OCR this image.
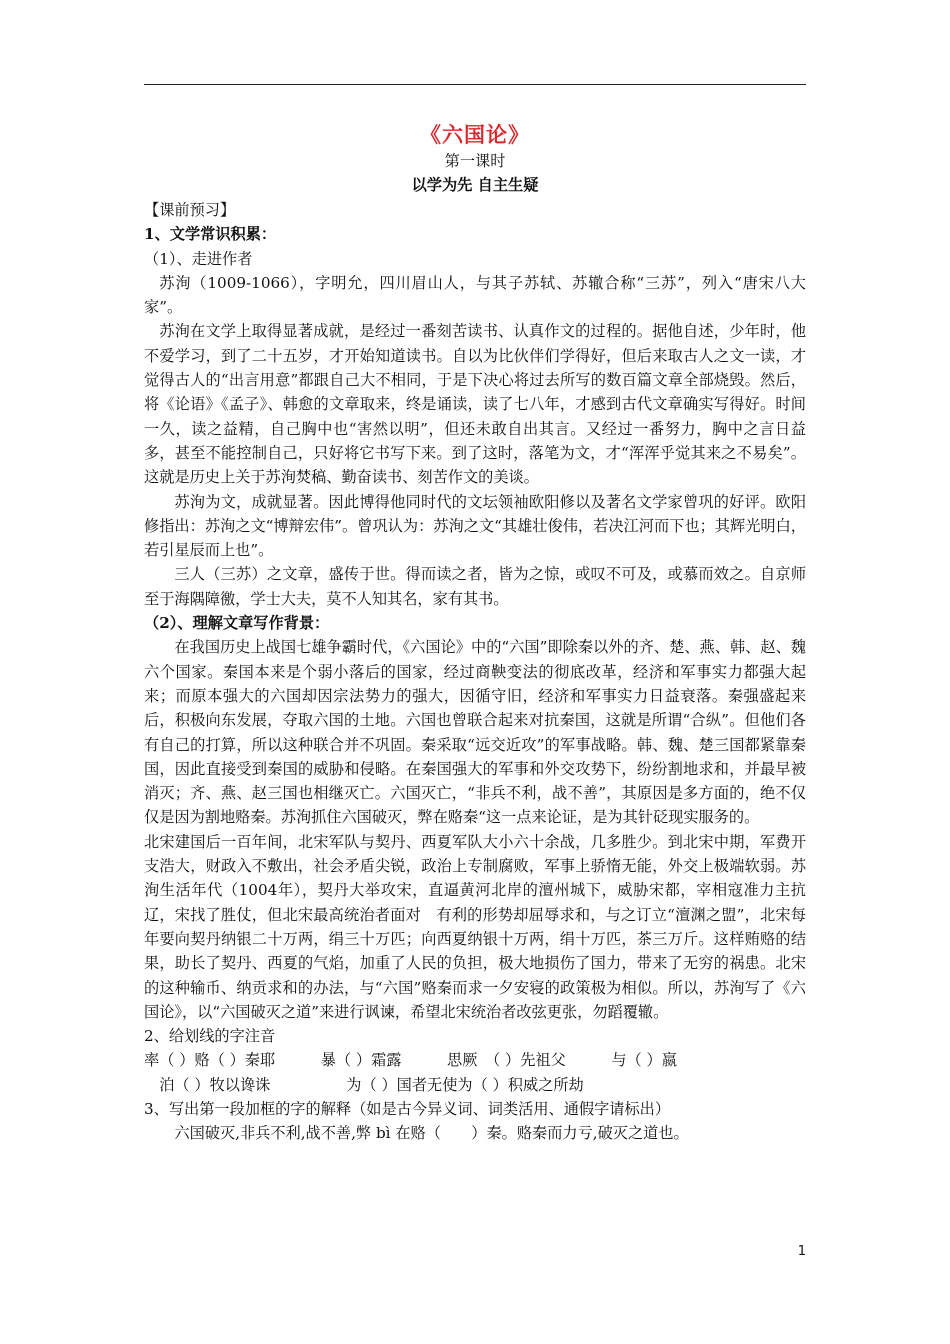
《六国论》
第一课时
以学为先 自主生疑

【课前预习】

1、文学常识积累：

（1）、走进作者

苏洵（1009-1066），字明允，四川眉山人，与其子苏轼、苏辙合称“三苏”，列入“唐宋八大家”。

苏洵在文学上取得显著成就，是经过一番刻苦读书、认真作文的过程的。据他自述，少年时，他不爱学习，到了二十五岁，才开始知道读书。自以为比伙伴们学得好，但后来取古人之文一读，才觉得古人的“出言用意”都跟自己大不相同，于是下决心将过去所写的数百篇文章全部烧毁。然后，将《论语》《孟子》、韩愈的文章取来，终是诵读，读了七八年，才感到古代文章确实写得好。时间一久，读之益精，自己胸中也“害然以明”，但还未敢自出其言。又经过一番努力，胸中之言日益多，甚至不能控制自己，只好将它书写下来。到了这时，落笔为文，才“浑浑乎觉其来之不易矣”。这就是历史上关于苏洵焚稿、勤奋读书、刻苦作文的美谈。

苏洵为文，成就显著。因此博得他同时代的文坛领袖欧阳修以及著名文学家曾巩的好评。欧阳修指出：苏洵之文“博辩宏伟”。曾巩认为：苏洵之文“其雄壮俊伟，若决江河而下也；其辉光明白，若引星辰而上也”。

三人（三苏）之文章，盛传于世。得而读之者，皆为之惊，或叹不可及，或慕而效之。自京师至于海隅障徼，学士大夫，莫不人知其名，家有其书。

（2）、理解文章写作背景：

在我国历史上战国七雄争霸时代，《六国论》中的“六国”即除秦以外的齐、楚、燕、韩、赵、魏六个国家。秦国本来是个弱小落后的国家，经过商鞅变法的彻底改革，经济和军事实力都强大起来；而原本强大的六国却因宗法势力的强大，因循守旧，经济和军事实力日益衰落。秦强盛起来后，积极向东发展，夺取六国的土地。六国也曾联合起来对抗秦国，这就是所谓“合纵”。但他们各有自己的打算，所以这种联合并不巩固。秦采取“远交近攻”的军事战略。韩、魏、楚三国都紧靠秦国，因此直接受到秦国的威胁和侵略。在秦国强大的军事和外交攻势下，纷纷割地求和，并最早被消灭；齐、燕、赵三国也相继灭亡。六国灭亡，“非兵不利，战不善”，其原因是多方面的，绝不仅仅是因为割地赂秦。苏洵抓住六国破灭，弊在赂秦“这一点来论证，是为其针砭现实服务的。

北宋建国后一百年间，北宋军队与契丹、西夏军队大小六十余战，几多胜少。到北宋中期，军费开支浩大，财政入不敷出，社会矛盾尖锐，政治上专制腐败，军事上骄惰无能，外交上极端软弱。苏洵生活年代（1004年），契丹大举攻宋，直逼黄河北岸的澶州城下，威胁宋都，宰相寇准力主抗辽，宋找了胜仗，但北宋最高统治者面对　有利的形势却屈辱求和，与之订立“澶渊之盟”，北宋每年要向契丹纳银二十万两，绢三十万匹；向西夏纳银十万两，绢十万匹，茶三万斤。这样贿赂的结果，助长了契丹、西夏的气焰，加重了人民的负担，极大地损伤了国力，带来了无穷的祸患。北宋的这种输币、纳贡求和的办法，与“六国”赂秦而求一夕安寝的政策极为相似。所以，苏洵写了《六国论》，以“六国破灭之道”来进行讽谏，希望北宋统治者改弦更张，勿蹈覆辙。

2、给划线的字注音

率（ ）赂（ ）秦耶　　　暴（ ）霜露　　　思厥　（ ）先祖父　　　与（ ）嬴
　泊（ ）牧以谗诛　　　　　为（ ）国者无使为（ ）积威之所劫

3、写出第一段加框的字的解释（如是古今异义词、词类活用、通假字请标出）

六国破灭,非兵不利,战不善,弊 bì 在赂（　　 ）秦。赂秦而力亏,破灭之道也。

1
